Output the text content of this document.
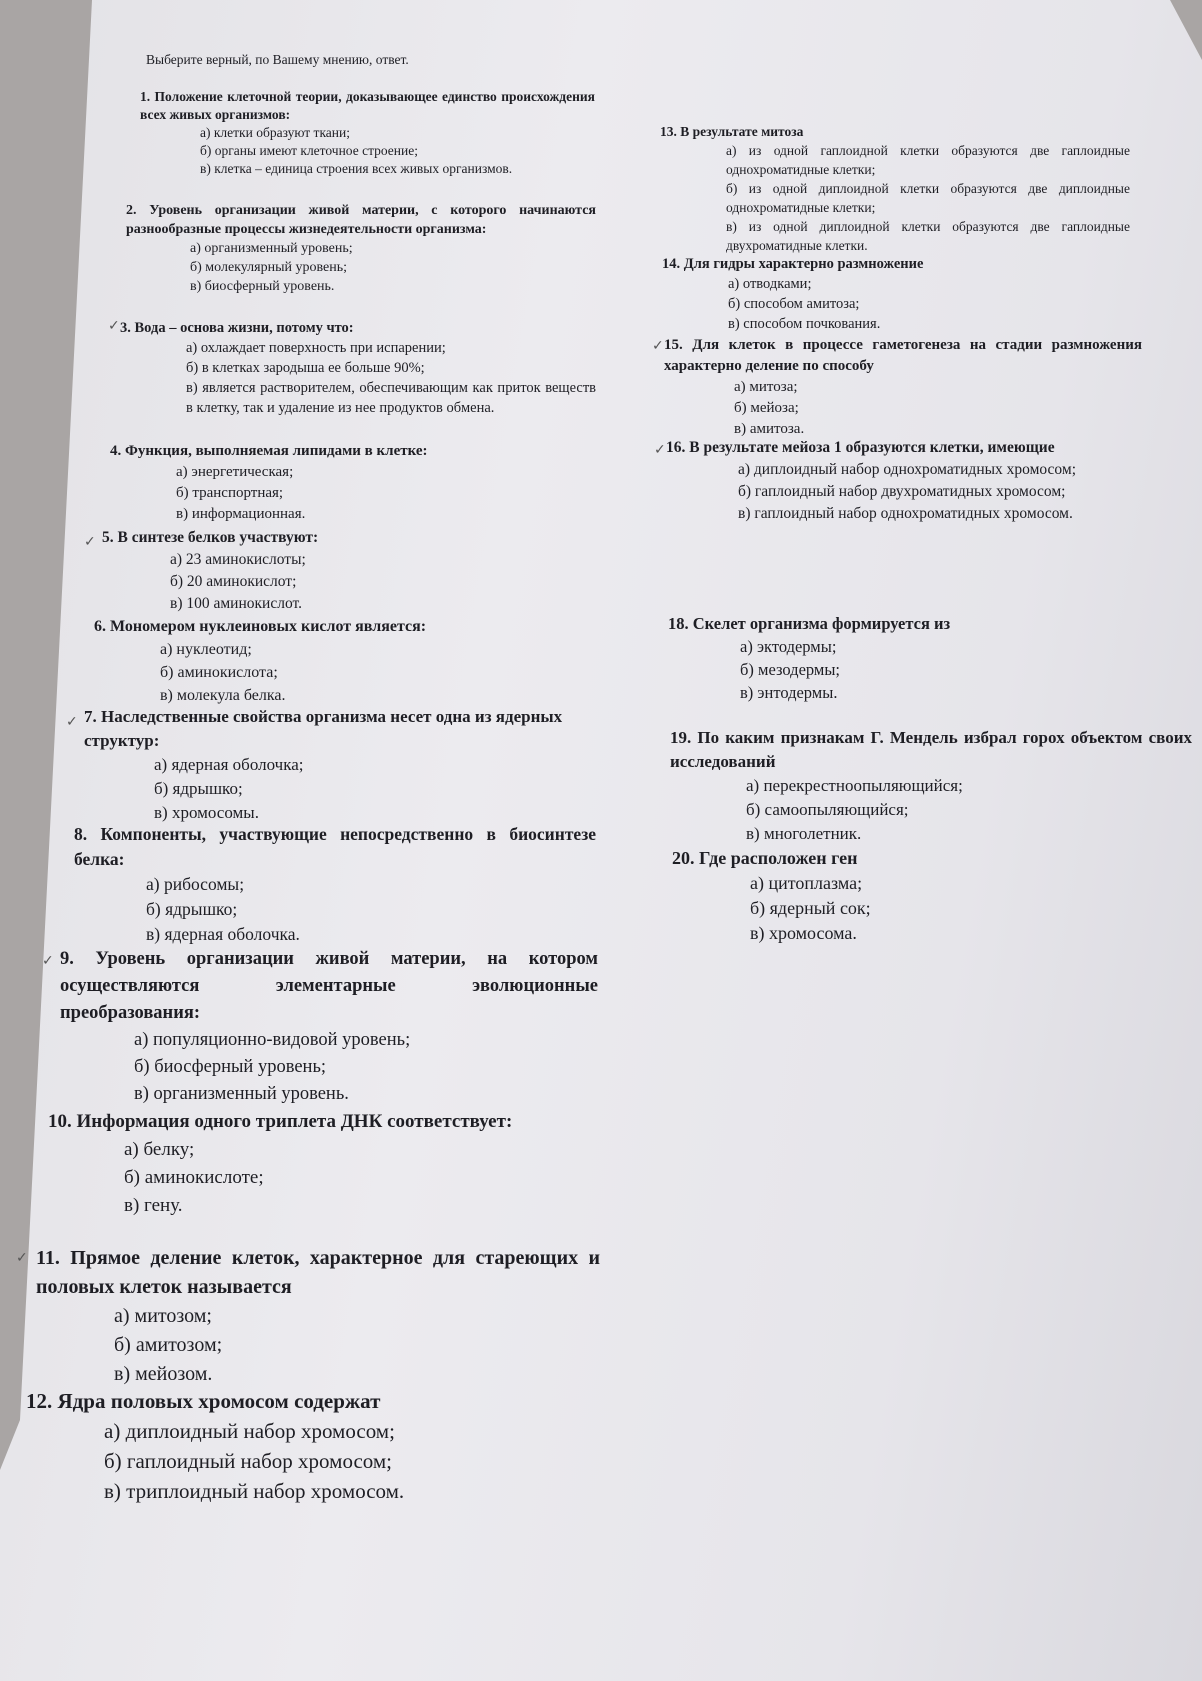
Выберите верный, по Вашему мнению, ответ.

1. Положение клеточной теории, доказывающее единство происхождения всех живых организмов:

а) клетки образуют ткани;

б) органы имеют клеточное строение;

в) клетка – единица строения всех живых организмов.

2. Уровень организации живой материи, с которого начинаются разнообразные процессы жизнедеятельности организма:

а) организменный уровень;

б) молекулярный уровень;

в) биосферный уровень.

✓ 3. Вода – основа жизни, потому что:

а) охлаждает поверхность при испарении;

б) в клетках зародыша ее больше 90%;

в) является растворителем, обеспечивающим как приток веществ в клетку, так и удаление из нее продуктов обмена.

4. Функция, выполняемая липидами в клетке:

а) энергетическая;

б) транспортная;

в) информационная.

✓ 5. В синтезе белков участвуют:

а) 23 аминокислоты;

б) 20 аминокислот;

в) 100 аминокислот.

6. Мономером нуклеиновых кислот является:

а) нуклеотид;

б) аминокислота;

в) молекула белка.

✓ 7. Наследственные свойства организма несет одна из ядерных структур:

а) ядерная оболочка;

б) ядрышко;

в) хромосомы.

8. Компоненты, участвующие непосредственно в биосинтезе белка:

а) рибосомы;

б) ядрышко;

в) ядерная оболочка.

✓ 9. Уровень организации живой материи, на котором осуществляются элементарные эволюционные преобразования:

а) популяционно-видовой уровень;

б) биосферный уровень;

в) организменный уровень.

10. Информация одного триплета ДНК соответствует:

а) белку;

б) аминокислоте;

в) гену.

✓ 11. Прямое деление клеток, характерное для стареющих и половых клеток называется

а) митозом;

б) амитозом;

в) мейозом.

12. Ядра половых хромосом содержат

а) диплоидный набор хромосом;

б) гаплоидный набор хромосом;

в) триплоидный набор хромосом.

13. В результате митоза

а) из одной гаплоидной клетки образуются две гаплоидные однохроматидные клетки;

б) из одной диплоидной клетки образуются две диплоидные однохроматидные клетки;

в) из одной диплоидной клетки образуются две гаплоидные двухроматидные клетки.

14. Для гидры характерно размножение

а) отводками;

б) способом амитоза;

в) способом почкования.

✓ 15. Для клеток в процессе гаметогенеза на стадии размножения характерно деление по способу

а) митоза;

б) мейоза;

в) амитоза.

✓ 16. В результате мейоза 1 образуются клетки, имеющие

а) диплоидный набор однохроматидных хромосом;

б) гаплоидный набор двухроматидных хромосом;

в) гаплоидный набор однохроматидных хромосом.

18. Скелет организма формируется из

а) эктодермы;

б) мезодермы;

в) энтодермы.

19. По каким признакам Г. Мендель избрал горох объектом своих исследований

а) перекрестноопыляющийся;

б) самоопыляющийся;

в) многолетник.

20. Где расположен ген

а) цитоплазма;

б) ядерный сок;

в) хромосома.
